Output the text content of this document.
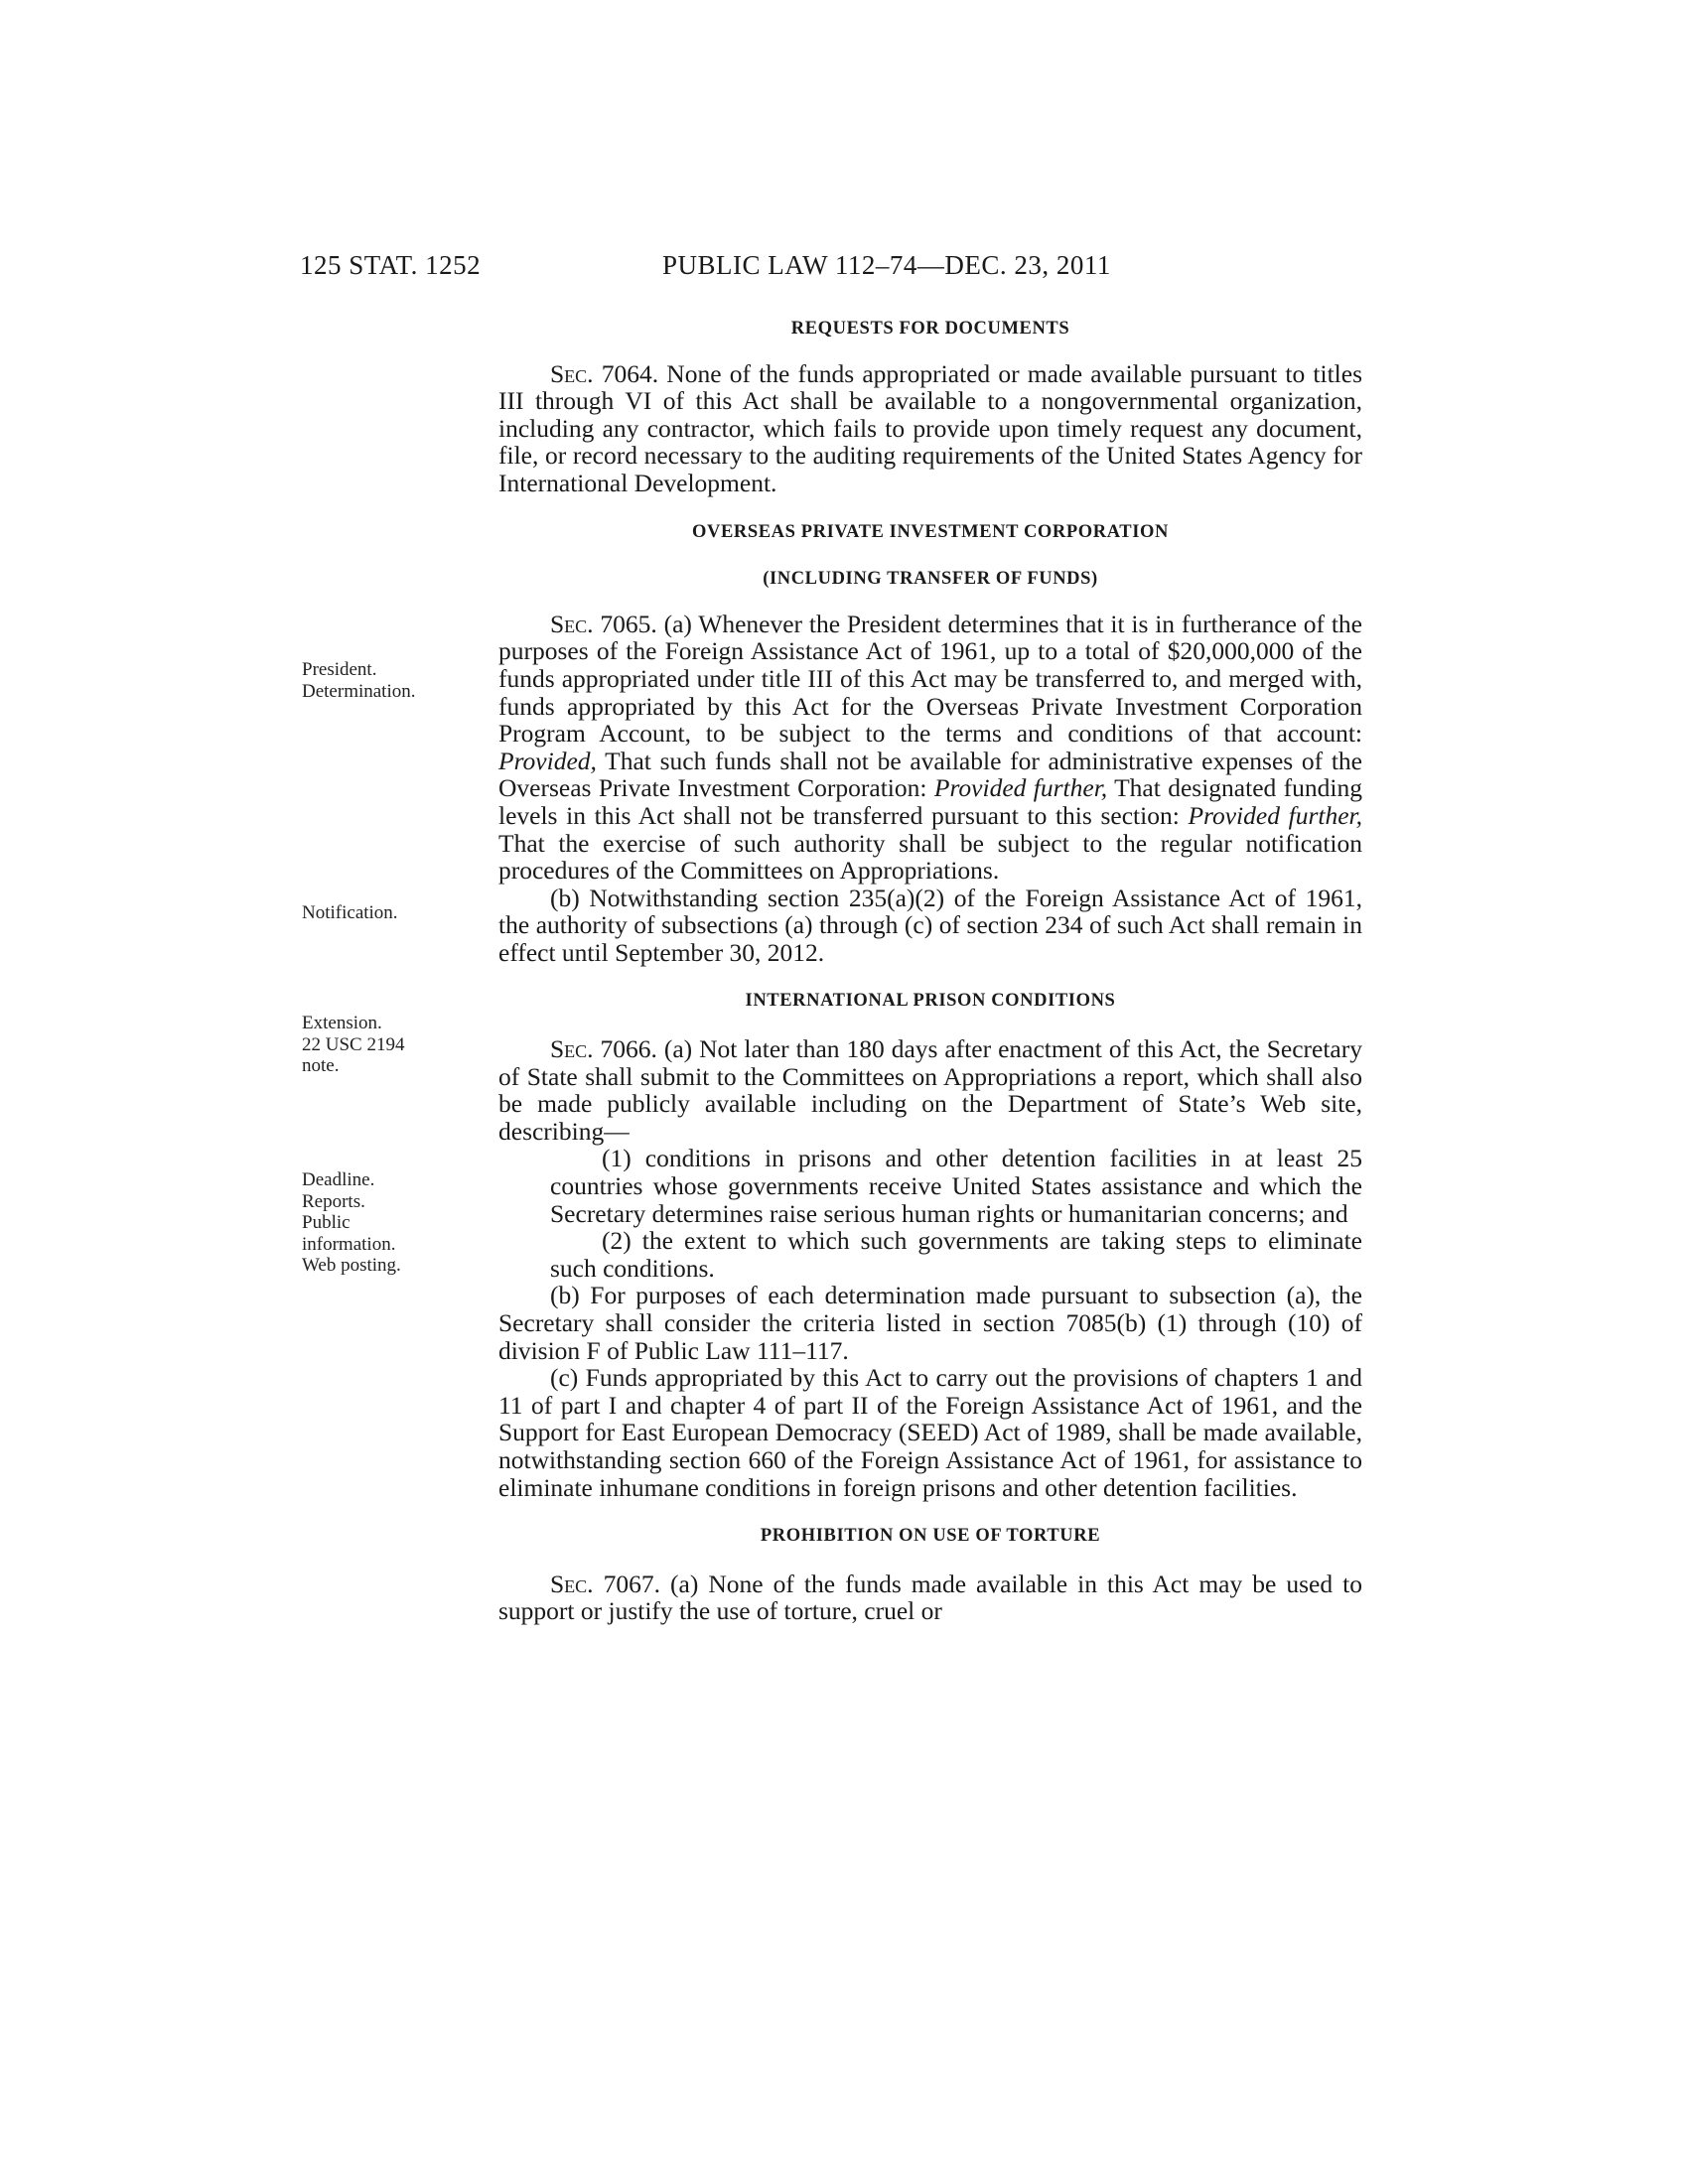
125 STAT. 1252	PUBLIC LAW 112–74—DEC. 23, 2011
President.
Determination.
Notification.
Extension.
22 USC 2194
note.
Deadline.
Reports.
Public
information.
Web posting.
REQUESTS FOR DOCUMENTS

Sec. 7064. None of the funds appropriated or made available pursuant to titles III through VI of this Act shall be available to a nongovernmental organization, including any contractor, which fails to provide upon timely request any document, file, or record necessary to the auditing requirements of the United States Agency for International Development.

OVERSEAS PRIVATE INVESTMENT CORPORATION
(INCLUDING TRANSFER OF FUNDS)

Sec. 7065. (a) Whenever the President determines that it is in furtherance of the purposes of the Foreign Assistance Act of 1961, up to a total of $20,000,000 of the funds appropriated under title III of this Act may be transferred to, and merged with, funds appropriated by this Act for the Overseas Private Investment Corporation Program Account, to be subject to the terms and conditions of that account: Provided, That such funds shall not be available for administrative expenses of the Overseas Private Investment Corporation: Provided further, That designated funding levels in this Act shall not be transferred pursuant to this section: Provided further, That the exercise of such authority shall be subject to the regular notification procedures of the Committees on Appropriations.

(b) Notwithstanding section 235(a)(2) of the Foreign Assistance Act of 1961, the authority of subsections (a) through (c) of section 234 of such Act shall remain in effect until September 30, 2012.

INTERNATIONAL PRISON CONDITIONS

Sec. 7066. (a) Not later than 180 days after enactment of this Act, the Secretary of State shall submit to the Committees on Appropriations a report, which shall also be made publicly available including on the Department of State’s Web site, describing—

(1) conditions in prisons and other detention facilities in at least 25 countries whose governments receive United States assistance and which the Secretary determines raise serious human rights or humanitarian concerns; and

(2) the extent to which such governments are taking steps to eliminate such conditions.

(b) For purposes of each determination made pursuant to subsection (a), the Secretary shall consider the criteria listed in section 7085(b) (1) through (10) of division F of Public Law 111–117.

(c) Funds appropriated by this Act to carry out the provisions of chapters 1 and 11 of part I and chapter 4 of part II of the Foreign Assistance Act of 1961, and the Support for East European Democracy (SEED) Act of 1989, shall be made available, notwithstanding section 660 of the Foreign Assistance Act of 1961, for assistance to eliminate inhumane conditions in foreign prisons and other detention facilities.

PROHIBITION ON USE OF TORTURE

Sec. 7067. (a) None of the funds made available in this Act may be used to support or justify the use of torture, cruel or
